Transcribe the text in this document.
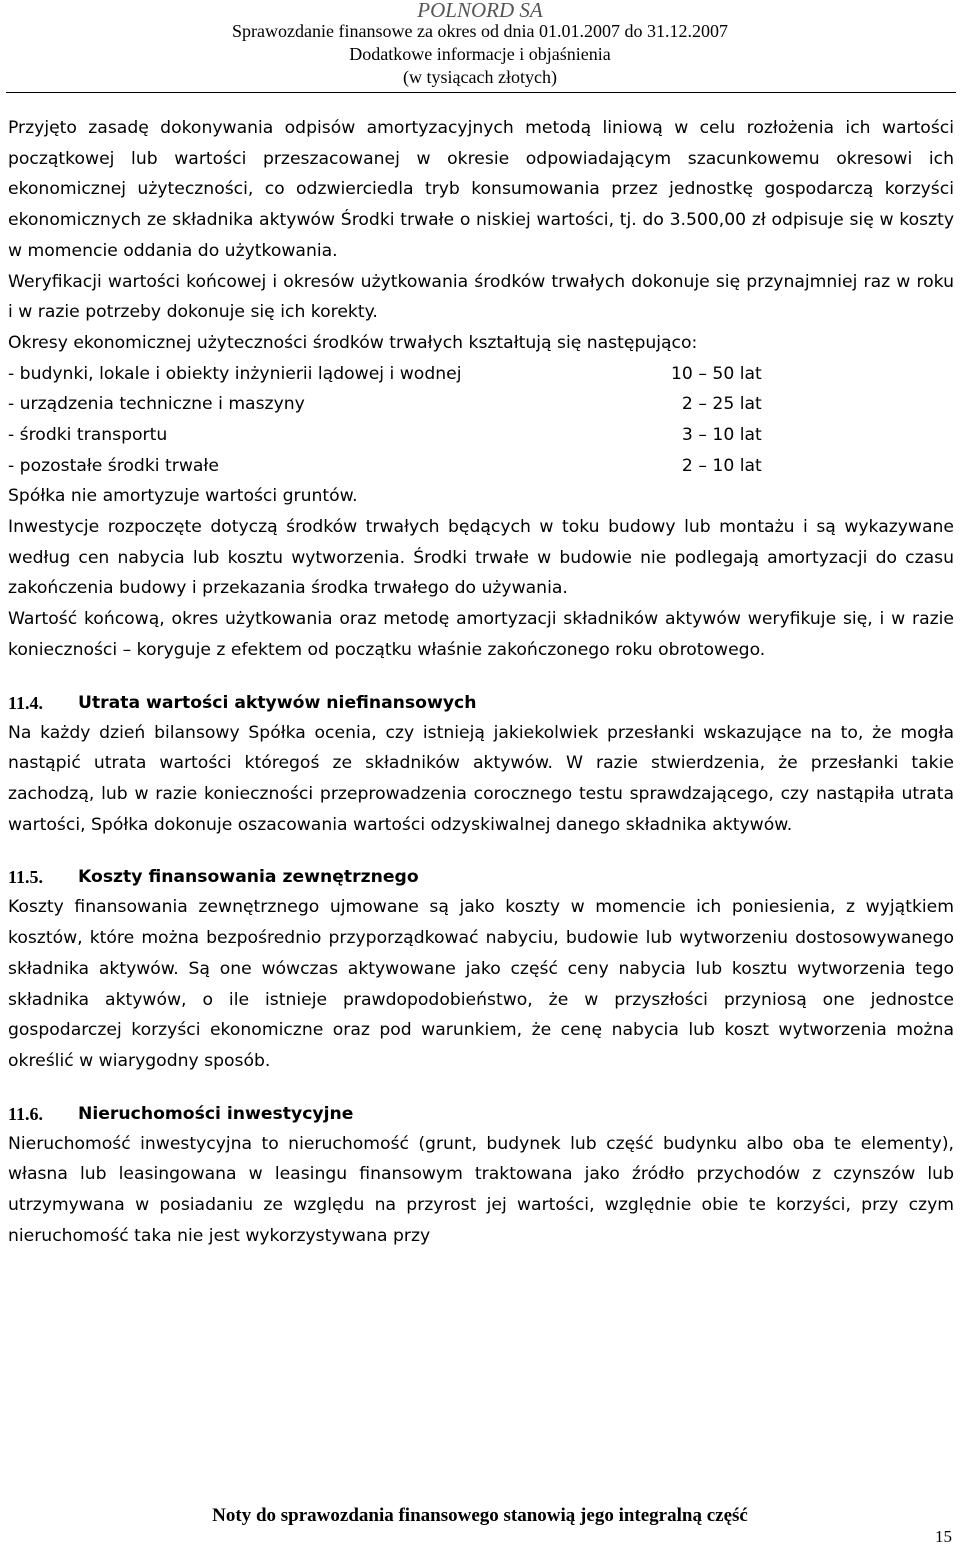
POLNORD SA
Sprawozdanie finansowe za okres od dnia 01.01.2007 do 31.12.2007
Dodatkowe informacje i objaśnienia
(w tysiącach złotych)

Przyjęto zasadę dokonywania odpisów amortyzacyjnych metodą liniową w celu rozłożenia ich wartości początkowej lub wartości przeszacowanej w okresie odpowiadającym szacunkowemu okresowi ich ekonomicznej użyteczności, co odzwierciedla tryb konsumowania przez jednostkę gospodarczą korzyści ekonomicznych ze składnika aktywów Środki trwałe o niskiej wartości, tj. do 3.500,00 zł odpisuje się w koszty w momencie oddania do użytkowania.

Weryfikacji wartości końcowej i okresów użytkowania środków trwałych dokonuje się przynajmniej raz w roku i w razie potrzeby dokonuje się ich korekty.

Okresy ekonomicznej użyteczności środków trwałych kształtują się następująco:

- budynki, lokale i obiekty inżynierii lądowej i wodnej	10 – 50 lat
- urządzenia techniczne i maszyny	2 – 25 lat
- środki transportu	3 – 10 lat
- pozostałe środki trwałe	2 – 10 lat

Spółka nie amortyzuje wartości gruntów.

Inwestycje rozpoczęte dotyczą środków trwałych będących w toku budowy lub montażu i są wykazywane według cen nabycia lub kosztu wytworzenia. Środki trwałe w budowie nie podlegają amortyzacji do czasu zakończenia budowy i przekazania środka trwałego do używania.

Wartość końcową, okres użytkowania oraz metodę amortyzacji składników aktywów weryfikuje się, i w razie konieczności – koryguje z efektem od początku właśnie zakończonego roku obrotowego.

11.4.	Utrata wartości aktywów niefinansowych

Na każdy dzień bilansowy Spółka ocenia, czy istnieją jakiekolwiek przesłanki wskazujące na to, że mogła nastąpić utrata wartości któregoś ze składników aktywów. W razie stwierdzenia, że przesłanki takie zachodzą, lub w razie konieczności przeprowadzenia corocznego testu sprawdzającego, czy nastąpiła utrata wartości, Spółka dokonuje oszacowania wartości odzyskiwalnej danego składnika aktywów.

11.5.	Koszty finansowania zewnętrznego

Koszty finansowania zewnętrznego ujmowane są jako koszty w momencie ich poniesienia, z wyjątkiem kosztów, które można bezpośrednio przyporządkować nabyciu, budowie lub wytworzeniu dostosowywanego składnika aktywów. Są one wówczas aktywowane jako część ceny nabycia lub kosztu wytworzenia tego składnika aktywów, o ile istnieje prawdopodobieństwo, że w przyszłości przyniosą one jednostce gospodarczej korzyści ekonomiczne oraz pod warunkiem, że cenę nabycia lub koszt wytworzenia można określić w wiarygodny sposób.

11.6.	Nieruchomości inwestycyjne

Nieruchomość inwestycyjna to nieruchomość (grunt, budynek lub część budynku albo oba te elementy), własna lub leasingowana w leasingu finansowym traktowana jako źródło przychodów z czynszów lub utrzymywana w posiadaniu ze względu na przyrost jej wartości, względnie obie te korzyści, przy czym nieruchomość taka nie jest wykorzystywana przy

Noty do sprawozdania finansowego stanowią jego integralną część
15
